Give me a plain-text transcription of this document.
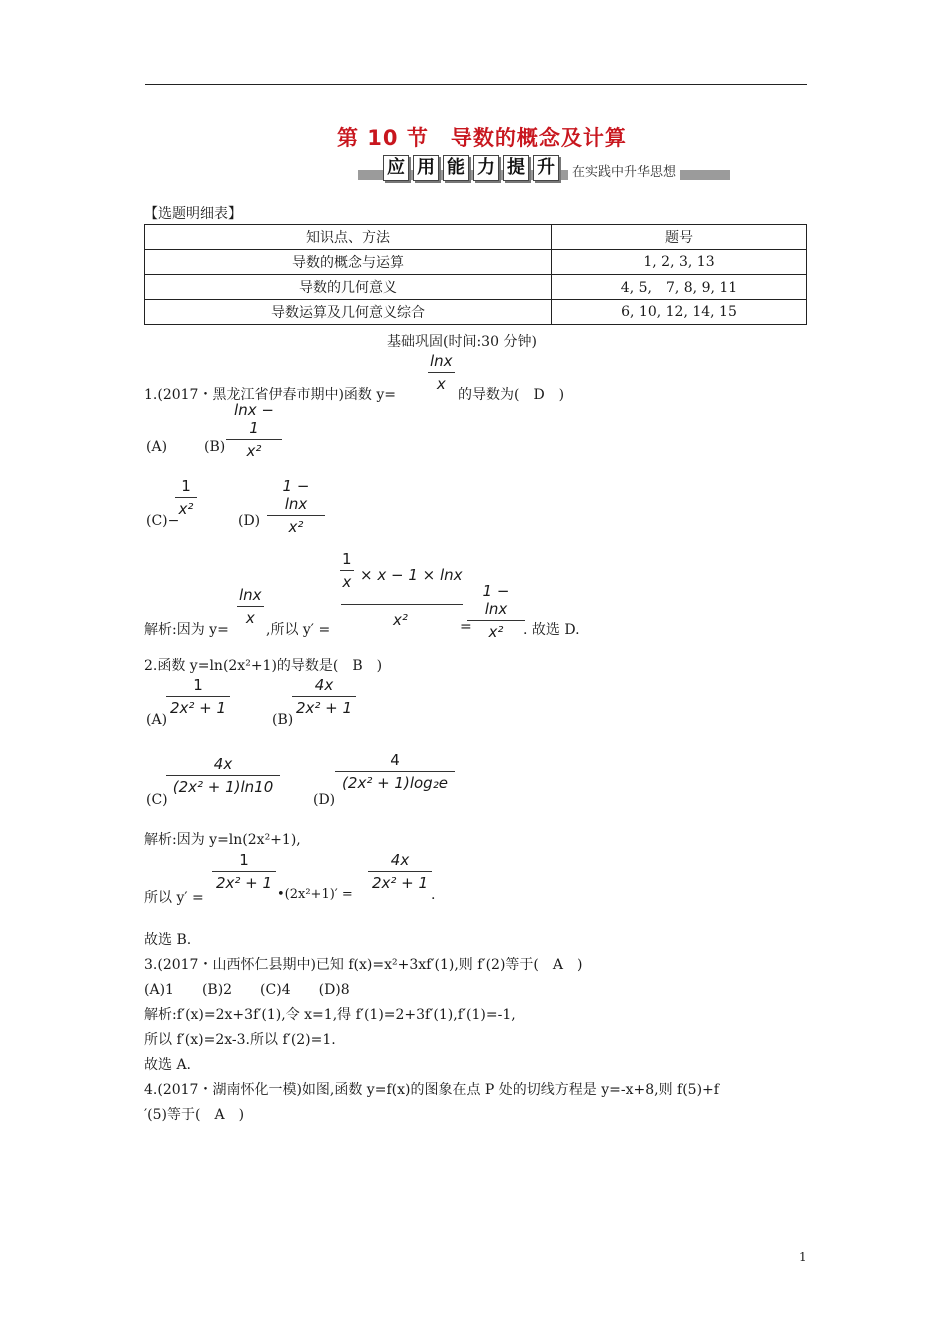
第 10 节　导数的概念及计算
应 用 能 力 提 升	在实践中升华思想
【选题明细表】
知识点、方法	题号
导数的概念与运算	1, 2, 3, 13
导数的几何意义	4, 5,　7, 8, 9, 11
导数运算及几何意义综合	6, 10, 12, 14, 15
基础巩固(时间:30 分钟)
1.(2017・黑龙江省伊春市期中)函数 y=
lnx
x
的导数为(　D　)
(A)	(B)
lnx − 1
x²
(C)−
1
x²
(D)
1 − lnx
x²
解析:因为 y=
lnx
x
,所以 y′ =
1
x × x − 1 × lnx
x²	=
1 − lnx
x²	. 故选 D.
2.函数 y=ln(2x²+1)的导数是(　B　)
(A)
1
2x² + 1
(B)
4x
2x² + 1
(C)
4x
(2x² + 1)ln10
(D)
4
(2x² + 1)log₂e
解析:因为 y=ln(2x²+1),
所以 y′ =
1
2x² + 1
•(2x²+1)′ =
4x
2x² + 1
.
故选 B.
3.(2017・山西怀仁县期中)已知 f(x)=x²+3xf′(1),则 f′(2)等于(　A　)
(A)1　　(B)2　　(C)4　　(D)8
解析:f′(x)=2x+3f′(1),令 x=1,得 f′(1)=2+3f′(1),f′(1)=-1,
所以 f′(x)=2x-3.所以 f′(2)=1.
故选 A.
4.(2017・湖南怀化一模)如图,函数 y=f(x)的图象在点 P 处的切线方程是 y=-x+8,则 f(5)+f
′(5)等于(　A　)
1
